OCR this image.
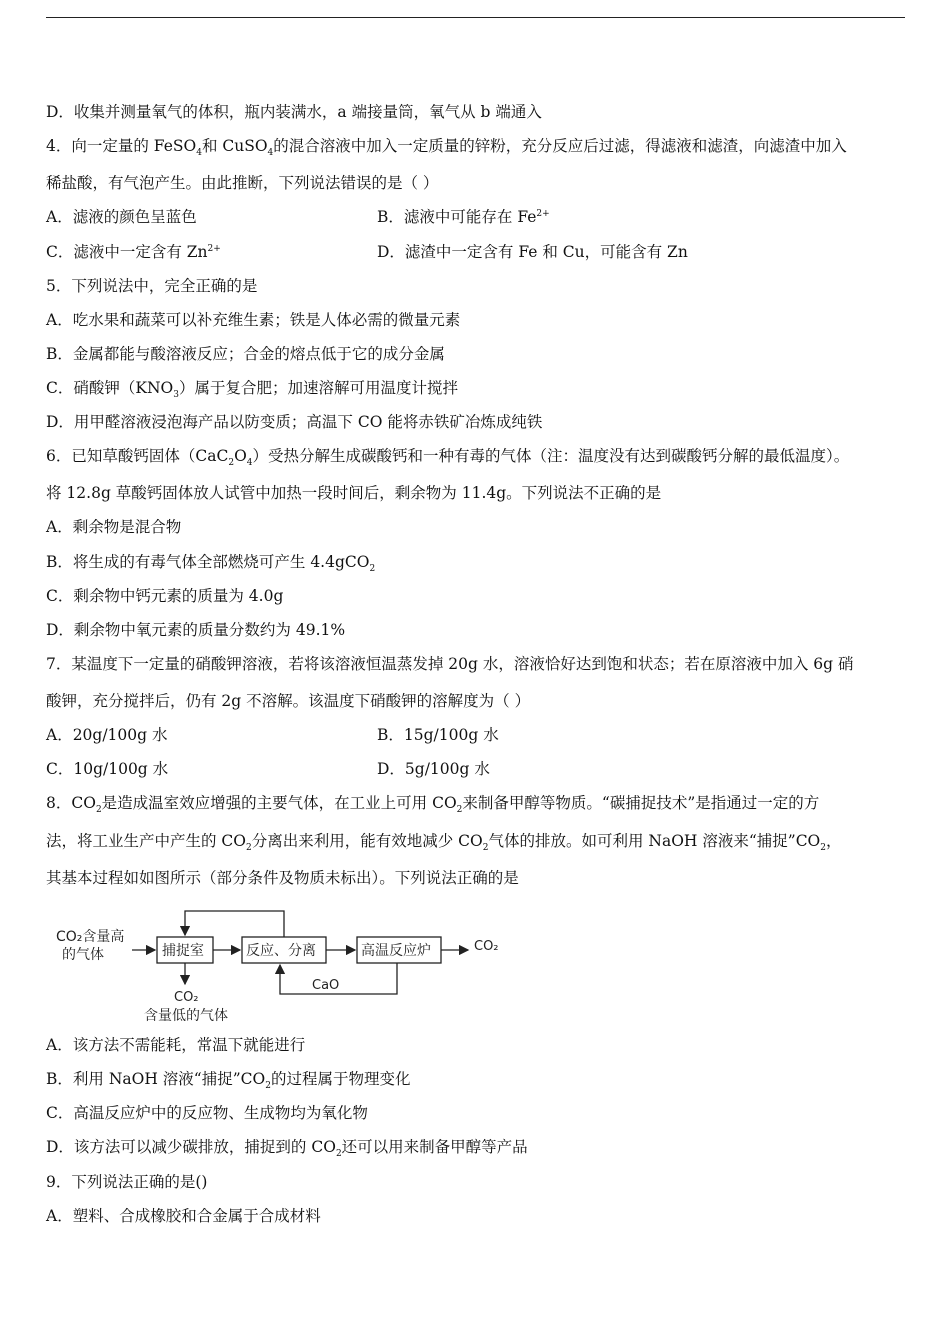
D．收集并测量氧气的体积，瓶内装满水，a 端接量筒，氧气从 b 端通入
4．向一定量的 FeSO$_4$和 CuSO$_4$的混合溶液中加入一定质量的锌粉，充分反应后过滤，得滤液和滤渣，向滤渣中加入
稀盐酸，有气泡产生。由此推断，下列说法错误的是（ ）
A．滤液的颜色呈蓝色	B．滤液中可能存在 $Fe^{2+}$
C．滤液中一定含有 $Zn^{2+}$	D．滤渣中一定含有 Fe 和 Cu，可能含有 Zn
5．下列说法中，完全正确的是
A．吃水果和蔬菜可以补充维生素；铁是人体必需的微量元素
B．金属都能与酸溶液反应；合金的熔点低于它的成分金属
C．硝酸钾$(KNO_3)$属于复合肥；加速溶解可用温度计搅拌
D．用甲醛溶液浸泡海产品以防变质；高温下 CO 能将赤铁矿冶炼成纯铁
6．已知草酸钙固体$(CaC_2O_4)$受热分解生成碳酸钙和一种有毒的气体（注：温度没有达到碳酸钙分解的最低温度）。
将 12.8g 草酸钙固体放人试管中加热一段时间后，剩余物为 11.4g。下列说法不正确的是
A．剩余物是混合物
B．将生成的有毒气体全部燃烧可产生 4.4gCO$_2$
C．剩余物中钙元素的质量为 4.0g
D．剩余物中氧元素的质量分数约为 49.1%
7．某温度下一定量的硝酸钾溶液，若将该溶液恒温蒸发掉 20g 水，溶液恰好达到饱和状态；若在原溶液中加入 6g 硝
酸钾，充分搅拌后，仍有 2g 不溶解。该温度下硝酸钾的溶解度为（ ）
A．20g/100g 水	B．15g/100g 水
C．10g/100g 水	D．5g/100g 水
8．$CO_2$是造成温室效应增强的主要气体，在工业上可用 $CO_2$来制备甲醇等物质。“碳捕捉技术”是指通过一定的方
法，将工业生产中产生的 $CO_2$分离出来利用，能有效地减少 $CO_2$气体的排放。如可利用 NaOH 溶液来“捕捉$”CO_2$，
其基本过程如如图所示（部分条件及物质未标出）。下列说法正确的是
CO₂含量高
的气体	捕捉室	反应、分离	高温反应炉	CO₂
CaO
CO₂
含量低的气体
A．该方法不需能耗，常温下就能进行
B．利用 NaOH 溶液“捕捉$”CO_2$的过程属于物理变化
C．高温反应炉中的反应物、生成物均为氧化物
D．该方法可以减少碳排放，捕捉到的 $CO_2$还可以用来制备甲醇等产品
9．下列说法正确的是()
A．塑料、合成橡胶和合金属于合成材料
